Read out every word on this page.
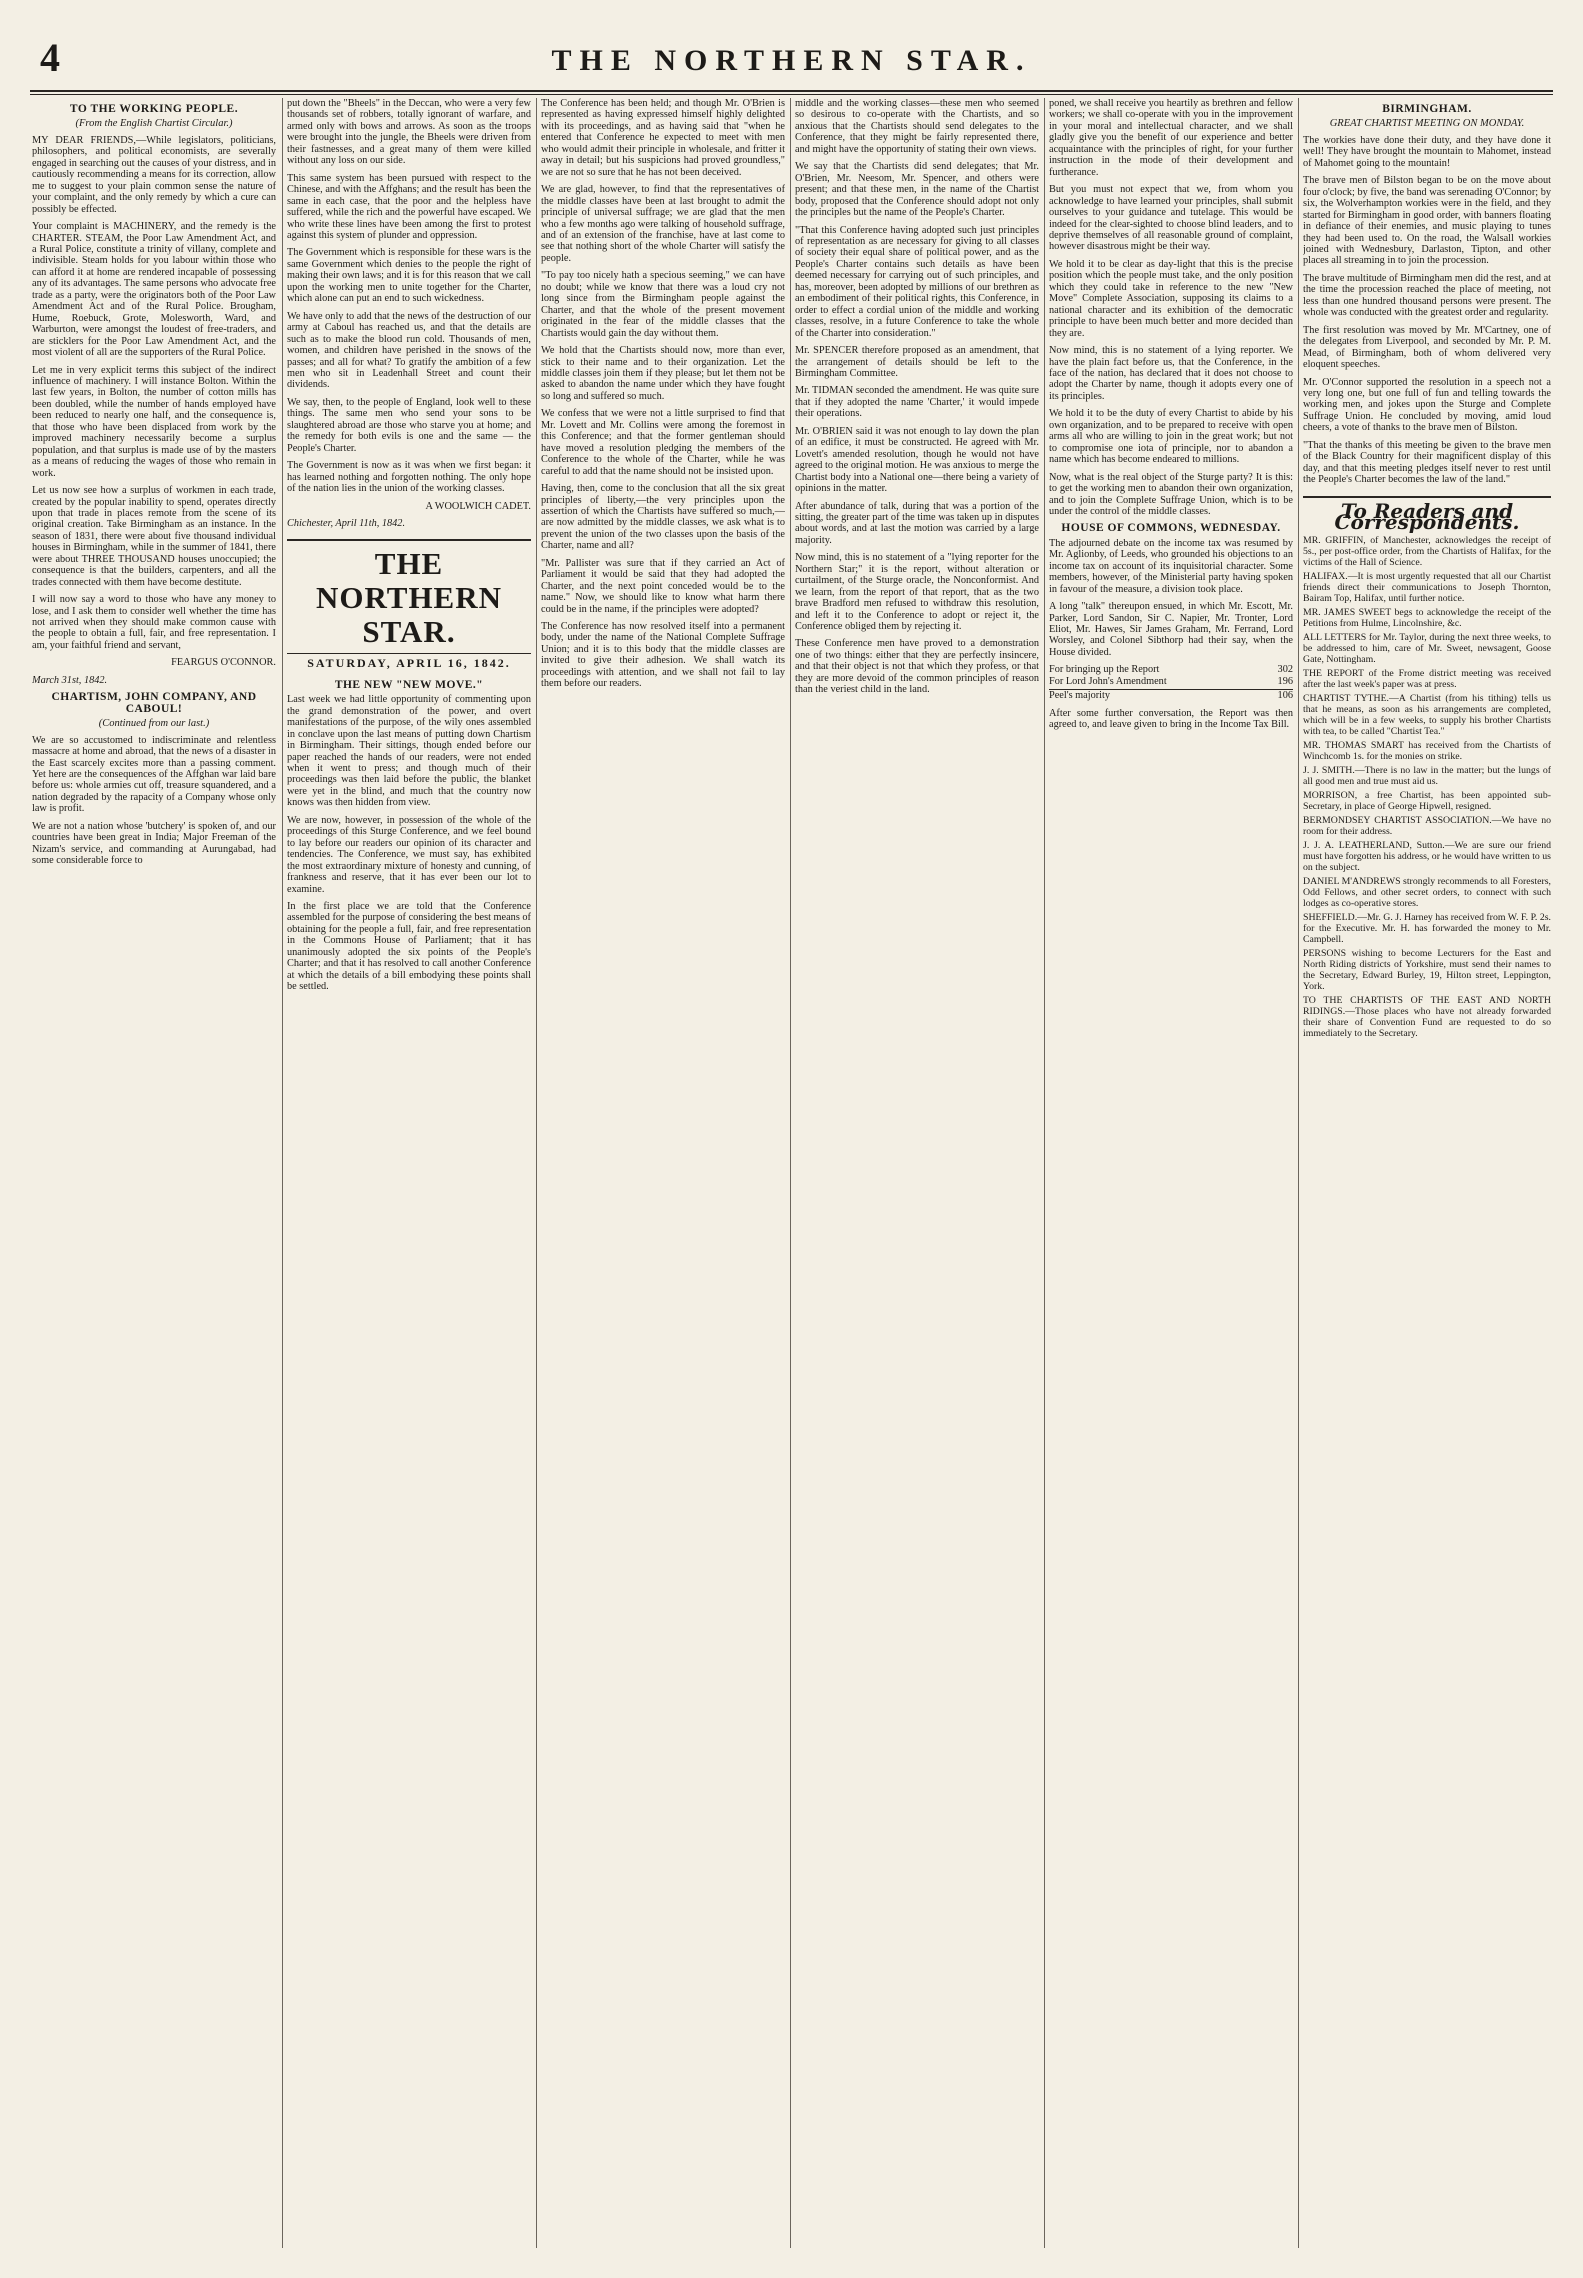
4	THE NORTHERN STAR.
TO THE WORKING PEOPLE.
(From the English Chartist Circular.)

MY DEAR FRIENDS,—While legislators, politicians, philosophers, and political economists, are severally engaged in searching out the causes of your distress, and in cautiously recommending a means for its correction, allow me to suggest to your plain common sense the nature of your complaint, and the only remedy by which a cure can possibly be effected.

Your complaint is MACHINERY, and the remedy is the CHARTER. STEAM, the Poor Law Amendment Act, and a Rural Police, constitute a trinity of villany, complete and indivisible. Steam holds for you labour within those who can afford it at home are rendered incapable of possessing any of its advantages. The same persons who advocate free trade as a party, were the originators both of the Poor Law Amendment Act and of the Rural Police. Brougham, Hume, Roebuck, Grote, Molesworth, Ward, and Warburton, were amongst the loudest of free-traders, and are sticklers for the Poor Law Amendment Act, and the most violent of all are the supporters of the Rural Police.

Let me in very explicit terms this subject of the indirect influence of machinery. I will instance Bolton. Within the last few years, in Bolton, the number of cotton mills has been doubled, while the number of hands employed have been reduced to nearly one half, and the consequence is, that those who have been displaced from work by the improved machinery necessarily become a surplus population, and that surplus is made use of by the masters as a means of reducing the wages of those who remain in work.

Let us now see how a surplus of workmen in each trade, created by the popular inability to spend, operates directly upon that trade in places remote from the scene of its original creation. Take Birmingham as an instance. In the season of 1831, there were about five thousand individual houses in Birmingham, while in the summer of 1841, there were about THREE THOUSAND houses unoccupied; the consequence is that the builders, carpenters, and all the trades connected with them have become destitute.

I will now say a word to those who have any money to lose, and I ask them to consider well whether the time has not arrived when they should make common cause with the people to obtain a full, fair, and free representation. I am, your faithful friend and servant,

FEARGUS O'CONNOR.
March 31st, 1842.
CHARTISM, JOHN COMPANY, AND CABOUL!
(Continued from our last.)

We are so accustomed to indiscriminate and relentless massacre at home and abroad, that the news of a disaster in the East scarcely excites more than a passing comment. Yet here are the consequences of the Affghan war laid bare before us: whole armies cut off, treasure squandered, and a nation degraded by the rapacity of a Company whose only law is profit.

We are not a nation whose 'butchery' is spoken of, and our countries have been great in India; Major Freeman of the Nizam's service, and commanding at Aurungabad, had some considerable force to

put down the "Bheels" in the Deccan, who were a very few thousands set of robbers, totally ignorant of warfare, and armed only with bows and arrows. As soon as the troops were brought into the jungle, the Bheels were driven from their fastnesses, and a great many of them were killed without any loss on our side.

This same system has been pursued with respect to the Chinese, and with the Affghans; and the result has been the same in each case, that the poor and the helpless have suffered, while the rich and the powerful have escaped. We who write these lines have been among the first to protest against this system of plunder and oppression.

The Government which is responsible for these wars is the same Government which denies to the people the right of making their own laws; and it is for this reason that we call upon the working men to unite together for the Charter, which alone can put an end to such wickedness.

We have only to add that the news of the destruction of our army at Caboul has reached us, and that the details are such as to make the blood run cold. Thousands of men, women, and children have perished in the snows of the passes; and all for what? To gratify the ambition of a few men who sit in Leadenhall Street and count their dividends.

We say, then, to the people of England, look well to these things. The same men who send your sons to be slaughtered abroad are those who starve you at home; and the remedy for both evils is one and the same — the People's Charter.

The Government is now as it was when we first began: it has learned nothing and forgotten nothing. The only hope of the nation lies in the union of the working classes.

A WOOLWICH CADET.
Chichester, April 11th, 1842.
THE NORTHERN STAR.
SATURDAY, APRIL 16, 1842.
THE NEW "NEW MOVE."

Last week we had little opportunity of commenting upon the grand demonstration of the power, and overt manifestations of the purpose, of the wily ones assembled in conclave upon the last means of putting down Chartism in Birmingham. Their sittings, though ended before our paper reached the hands of our readers, were not ended when it went to press; and though much of their proceedings was then laid before the public, the blanket were yet in the blind, and much that the country now knows was then hidden from view.

We are now, however, in possession of the whole of the proceedings of this Sturge Conference, and we feel bound to lay before our readers our opinion of its character and tendencies. The Conference, we must say, has exhibited the most extraordinary mixture of honesty and cunning, of frankness and reserve, that it has ever been our lot to examine.

In the first place we are told that the Conference assembled for the purpose of considering the best means of obtaining for the people a full, fair, and free representation in the Commons House of Parliament; that it has unanimously adopted the six points of the People's Charter; and that it has resolved to call another Conference at which the details of a bill embodying these points shall be settled.

The Conference has been held; and though Mr. O'Brien is represented as having expressed himself highly delighted with its proceedings, and as having said that "when he entered that Conference he expected to meet with men who would admit their principle in wholesale, and fritter it away in detail; but his suspicions had proved groundless," we are not so sure that he has not been deceived.

We are glad, however, to find that the representatives of the middle classes have been at last brought to admit the principle of universal suffrage; we are glad that the men who a few months ago were talking of household suffrage, and of an extension of the franchise, have at last come to see that nothing short of the whole Charter will satisfy the people.

"To pay too nicely hath a specious seeming," we can have no doubt; while we know that there was a loud cry not long since from the Birmingham people against the Charter, and that the whole of the present movement originated in the fear of the middle classes that the Chartists would gain the day without them.

We hold that the Chartists should now, more than ever, stick to their name and to their organization. Let the middle classes join them if they please; but let them not be asked to abandon the name under which they have fought so long and suffered so much.

We confess that we were not a little surprised to find that Mr. Lovett and Mr. Collins were among the foremost in this Conference; and that the former gentleman should have moved a resolution pledging the members of the Conference to the whole of the Charter, while he was careful to add that the name should not be insisted upon.

Having, then, come to the conclusion that all the six great principles of liberty,—the very principles upon the assertion of which the Chartists have suffered so much,—are now admitted by the middle classes, we ask what is to prevent the union of the two classes upon the basis of the Charter, name and all?

"Mr. Pallister was sure that if they carried an Act of Parliament it would be said that they had adopted the Charter, and the next point conceded would be to the name." Now, we should like to know what harm there could be in the name, if the principles were adopted?

The Conference has now resolved itself into a permanent body, under the name of the National Complete Suffrage Union; and it is to this body that the middle classes are invited to give their adhesion. We shall watch its proceedings with attention, and we shall not fail to lay them before our readers.

middle and the working classes—these men who seemed so desirous to co-operate with the Chartists, and so anxious that the Chartists should send delegates to the Conference, that they might be fairly represented there, and might have the opportunity of stating their own views.

We say that the Chartists did send delegates; that Mr. O'Brien, Mr. Neesom, Mr. Spencer, and others were present; and that these men, in the name of the Chartist body, proposed that the Conference should adopt not only the principles but the name of the People's Charter.

"That this Conference having adopted such just principles of representation as are necessary for giving to all classes of society their equal share of political power, and as the People's Charter contains such details as have been deemed necessary for carrying out of such principles, and has, moreover, been adopted by millions of our brethren as an embodiment of their political rights, this Conference, in order to effect a cordial union of the middle and working classes, resolve, in a future Conference to take the whole of the Charter into consideration."

Mr. SPENCER therefore proposed as an amendment, that the arrangement of details should be left to the Birmingham Committee.

Mr. TIDMAN seconded the amendment. He was quite sure that if they adopted the name 'Charter,' it would impede their operations.

Mr. O'BRIEN said it was not enough to lay down the plan of an edifice, it must be constructed. He agreed with Mr. Lovett's amended resolution, though he would not have agreed to the original motion. He was anxious to merge the Chartist body into a National one—there being a variety of opinions in the matter.

After abundance of talk, during that was a portion of the sitting, the greater part of the time was taken up in disputes about words, and at last the motion was carried by a large majority.

Now mind, this is no statement of a "lying reporter for the Northern Star;" it is the report, without alteration or curtailment, of the Sturge oracle, the Nonconformist. And we learn, from the report of that report, that as the two brave Bradford men refused to withdraw this resolution, and left it to the Conference to adopt or reject it, the Conference obliged them by rejecting it.

These Conference men have proved to a demonstration one of two things: either that they are perfectly insincere, and that their object is not that which they profess, or that they are more devoid of the common principles of reason than the veriest child in the land.

poned, we shall receive you heartily as brethren and fellow workers; we shall co-operate with you in the improvement in your moral and intellectual character, and we shall gladly give you the benefit of our experience and better acquaintance with the principles of right, for your further instruction in the mode of their development and furtherance.

But you must not expect that we, from whom you acknowledge to have learned your principles, shall submit ourselves to your guidance and tutelage. This would be indeed for the clear-sighted to choose blind leaders, and to deprive themselves of all reasonable ground of complaint, however disastrous might be their way.

We hold it to be clear as day-light that this is the precise position which the people must take, and the only position which they could take in reference to the new "New Move" Complete Association, supposing its claims to a national character and its exhibition of the democratic principle to have been much better and more decided than they are.

Now mind, this is no statement of a lying reporter. We have the plain fact before us, that the Conference, in the face of the nation, has declared that it does not choose to adopt the Charter by name, though it adopts every one of its principles.

We hold it to be the duty of every Chartist to abide by his own organization, and to be prepared to receive with open arms all who are willing to join in the great work; but not to compromise one iota of principle, nor to abandon a name which has become endeared to millions.

Now, what is the real object of the Sturge party? It is this: to get the working men to abandon their own organization, and to join the Complete Suffrage Union, which is to be under the control of the middle classes.

HOUSE OF COMMONS, WEDNESDAY.

The adjourned debate on the income tax was resumed by Mr. Aglionby, of Leeds, who grounded his objections to an income tax on account of its inquisitorial character. Some members, however, of the Ministerial party having spoken in favour of the measure, a division took place.

A long "talk" thereupon ensued, in which Mr. Escott, Mr. Parker, Lord Sandon, Sir C. Napier, Mr. Tronter, Lord Eliot, Mr. Hawes, Sir James Graham, Mr. Ferrand, Lord Worsley, and Colonel Sibthorp had their say, when the House divided.

For bringing up the Report	302
For Lord John's Amendment	196
Peel's majority	106

After some further conversation, the Report was then agreed to, and leave given to bring in the Income Tax Bill.

BIRMINGHAM.
GREAT CHARTIST MEETING ON MONDAY.

The workies have done their duty, and they have done it well! They have brought the mountain to Mahomet, instead of Mahomet going to the mountain!

The brave men of Bilston began to be on the move about four o'clock; by five, the band was serenading O'Connor; by six, the Wolverhampton workies were in the field, and they started for Birmingham in good order, with banners floating in defiance of their enemies, and music playing to tunes they had been used to. On the road, the Walsall workies joined with Wednesbury, Darlaston, Tipton, and other places all streaming in to join the procession.

The brave multitude of Birmingham men did the rest, and at the time the procession reached the place of meeting, not less than one hundred thousand persons were present. The whole was conducted with the greatest order and regularity.

The first resolution was moved by Mr. M'Cartney, one of the delegates from Liverpool, and seconded by Mr. P. M. Mead, of Birmingham, both of whom delivered very eloquent speeches.

Mr. O'Connor supported the resolution in a speech not a very long one, but one full of fun and telling towards the working men, and jokes upon the Sturge and Complete Suffrage Union. He concluded by moving, amid loud cheers, a vote of thanks to the brave men of Bilston.

"That the thanks of this meeting be given to the brave men of the Black Country for their magnificent display of this day, and that this meeting pledges itself never to rest until the People's Charter becomes the law of the land."

To Readers and Correspondents.

MR. GRIFFIN, of Manchester, acknowledges the receipt of 5s., per post-office order, from the Chartists of Halifax, for the victims of the Hall of Science.

HALIFAX.—It is most urgently requested that all our Chartist friends direct their communications to Joseph Thornton, Bairam Top, Halifax, until further notice.

MR. JAMES SWEET begs to acknowledge the receipt of the Petitions from Hulme, Lincolnshire, &c.

ALL LETTERS for Mr. Taylor, during the next three weeks, to be addressed to him, care of Mr. Sweet, newsagent, Goose Gate, Nottingham.

THE REPORT of the Frome district meeting was received after the last week's paper was at press.

CHARTIST TYTHE.—A Chartist (from his tithing) tells us that he means, as soon as his arrangements are completed, which will be in a few weeks, to supply his brother Chartists with tea, to be called "Chartist Tea."

MR. THOMAS SMART has received from the Chartists of Winchcomb 1s. for the monies on strike.

J. J. SMITH.—There is no law in the matter; but the lungs of all good men and true must aid us.

MORRISON, a free Chartist, has been appointed sub-Secretary, in place of George Hipwell, resigned.

BERMONDSEY CHARTIST ASSOCIATION.—We have no room for their address.

J. J. A. LEATHERLAND, Sutton.—We are sure our friend must have forgotten his address, or he would have written to us on the subject.

DANIEL M'ANDREWS strongly recommends to all Foresters, Odd Fellows, and other secret orders, to connect with such lodges as co-operative stores.

SHEFFIELD.—Mr. G. J. Harney has received from W. F. P. 2s. for the Executive. Mr. H. has forwarded the money to Mr. Campbell.

PERSONS wishing to become Lecturers for the East and North Riding districts of Yorkshire, must send their names to the Secretary, Edward Burley, 19, Hilton street, Leppington, York.

TO THE CHARTISTS OF THE EAST AND NORTH RIDINGS.—Those places who have not already forwarded their share of Convention Fund are requested to do so immediately to the Secretary.
